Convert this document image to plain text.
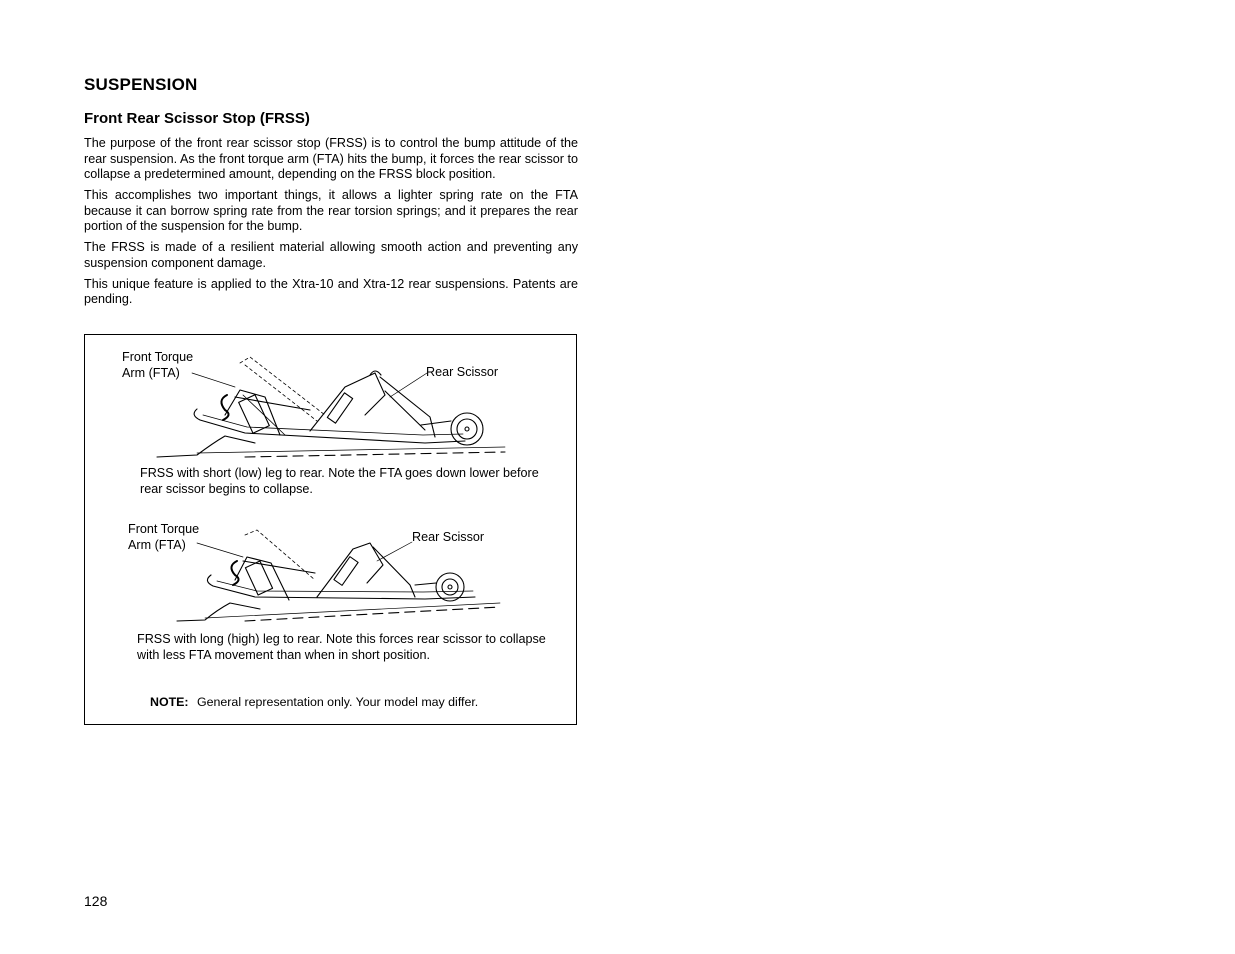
SUSPENSION
Front Rear Scissor Stop (FRSS)

The purpose of the front rear scissor stop (FRSS) is to control the bump attitude of the rear suspension. As the front torque arm (FTA) hits the bump, it forces the rear scissor to collapse a predetermined amount, depending on the FRSS block position.

This accomplishes two important things, it allows a lighter spring rate on the FTA because it can borrow spring rate from the rear torsion springs; and it prepares the rear portion of the suspension for the bump.

The FRSS is made of a resilient material allowing smooth action and preventing any suspension component damage.

This unique feature is applied to the Xtra-10 and Xtra-12 rear suspensions. Patents are pending.

Front Torque
Arm (FTA)	Rear Scissor
FRSS with short (low) leg to rear. Note the FTA goes down lower before rear scissor begins to collapse.
Front Torque
Arm (FTA)
Rear Scissor
FRSS with long (high) leg to rear. Note this forces rear scissor to collapse with less FTA movement than when in short position.
NOTE: General representation only. Your model may differ.
128
